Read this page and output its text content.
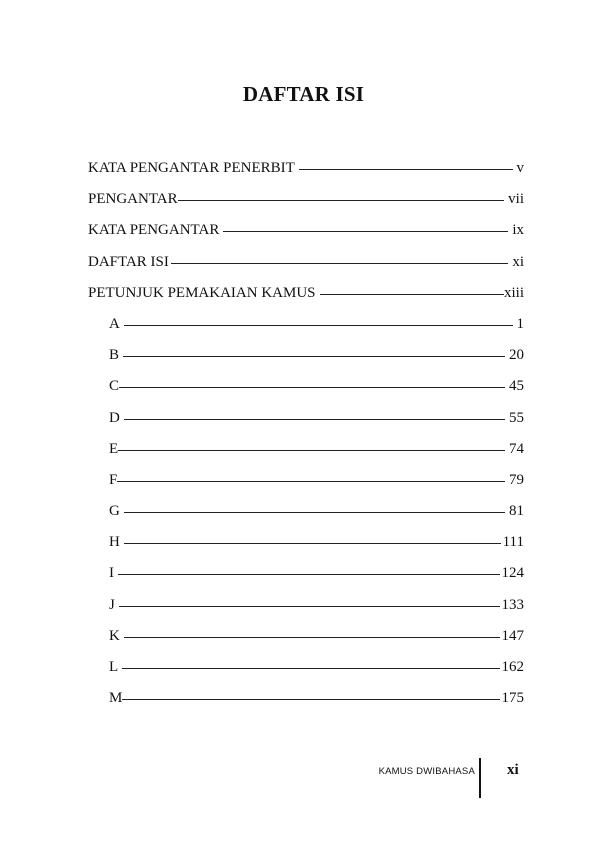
DAFTAR ISI
KATA PENGANTAR PENERBIT	v
PENGANTAR	vii
KATA PENGANTAR	ix
DAFTAR ISI	xi
PETUNJUK PEMAKAIAN KAMUS	xiii
A	1
B	20
C	45
D	55
E	74
F	79
G	81
H	111
I	124
J	133
K	147
L	162
M	175
KAMUS DWIBAHASA xi
